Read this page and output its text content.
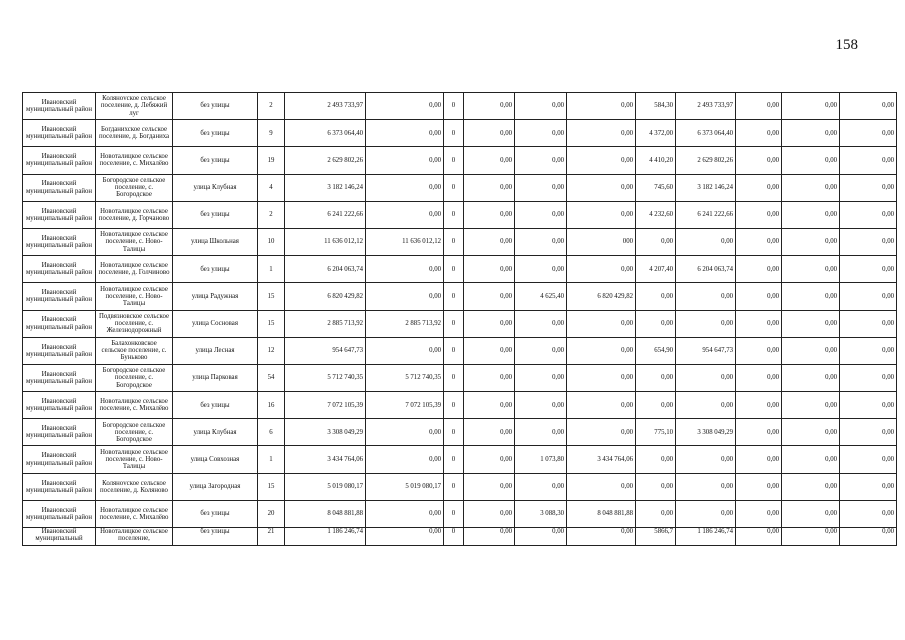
158
Ивановский муниципальный район	Колянovское сельское поселение, д. Лебяжий луг	без улицы	2	2 493 733,97	0,00	0	0,00	0,00	0,00	584,30	2 493 733,97	0,00	0,00	0,00
Ивановский муниципальный район	Богданихское сельское поселение, д. Богданиха	без улицы	9	6 373 064,40	0,00	0	0,00	0,00	0,00	4 372,00	6 373 064,40	0,00	0,00	0,00
Ивановский муниципальный район	Новоталицкое сельское поселение, с. Михалёво	без улицы	19	2 629 802,26	0,00	0	0,00	0,00	0,00	4 410,20	2 629 802,26	0,00	0,00	0,00
Ивановский муниципальный район	Богородское сельское поселение, с. Богородское	улица Клубная	4	3 182 146,24	0,00	0	0,00	0,00	0,00	745,60	3 182 146,24	0,00	0,00	0,00
Ивановский муниципальный район	Новоталицкое сельское поселение, д. Горчаново	без улицы	2	6 241 222,66	0,00	0	0,00	0,00	0,00	4 232,60	6 241 222,66	0,00	0,00	0,00
Ивановский муниципальный район	Новоталицкое сельское поселение, с. Ново-Талицы	улица Школьная	10	11 636 012,12	11 636 012,12	0	0,00	0,00	000	0,00	0,00	0,00	0,00	0,00
Ивановский муниципальный район	Новоталицкое сельское поселение, д. Голчиново	без улицы	1	6 204 063,74	0,00	0	0,00	0,00	0,00	4 207,40	6 204 063,74	0,00	0,00	0,00
Ивановский муниципальный район	Новоталицкое сельское поселение, с. Ново-Талицы	улица Радужная	15	6 820 429,82	0,00	0	0,00	4 625,40	6 820 429,82	0,00	0,00	0,00	0,00	0,00
Ивановский муниципальный район	Подвязновское сельское поселение, с. Железнодорожный	улица Сосновая	15	2 885 713,92	2 885 713,92	0	0,00	0,00	0,00	0,00	0,00	0,00	0,00	0,00
Ивановский муниципальный район	Балахонковское сельское поселение, с. Буньково	улица Лесная	12	954 647,73	0,00	0	0,00	0,00	0,00	654,90	954 647,73	0,00	0,00	0,00
Ивановский муниципальный район	Богородское сельское поселение, с. Богородское	улица Парковая	54	5 712 740,35	5 712 740,35	0	0,00	0,00	0,00	0,00	0,00	0,00	0,00	0,00
Ивановский муниципальный район	Новоталицкое сельское поселение, с. Михалёво	без улицы	16	7 072 105,39	7 072 105,39	0	0,00	0,00	0,00	0,00	0,00	0,00	0,00	0,00
Ивановский муниципальный район	Богородское сельское поселение, с. Богородское	улица Клубная	6	3 308 049,29	0,00	0	0,00	0,00	0,00	775,10	3 308 049,29	0,00	0,00	0,00
Ивановский муниципальный район	Новоталицкое сельское поселение, с. Ново-Талицы	улица Совхозная	1	3 434 764,06	0,00	0	0,00	1 073,80	3 434 764,06	0,00	0,00	0,00	0,00	0,00
Ивановский муниципальный район	Колянovское сельское поселение, д. Коляново	улица Загородная	15	5 019 080,17	5 019 080,17	0	0,00	0,00	0,00	0,00	0,00	0,00	0,00	0,00
Ивановский муниципальный район	Новоталицкое сельское поселение, с. Михалёво	без улицы	20	8 048 881,88	0,00	0	0,00	3 088,30	8 048 881,88	0,00	0,00	0,00	0,00	0,00
Ивановский муниципальный	Новоталицкое сельское поселение,	без улицы	21	1 186 246,74	0,00	0	0,00	0,00	0,00	5866,7	1 186 246,74	0,00	0,00	0,00
